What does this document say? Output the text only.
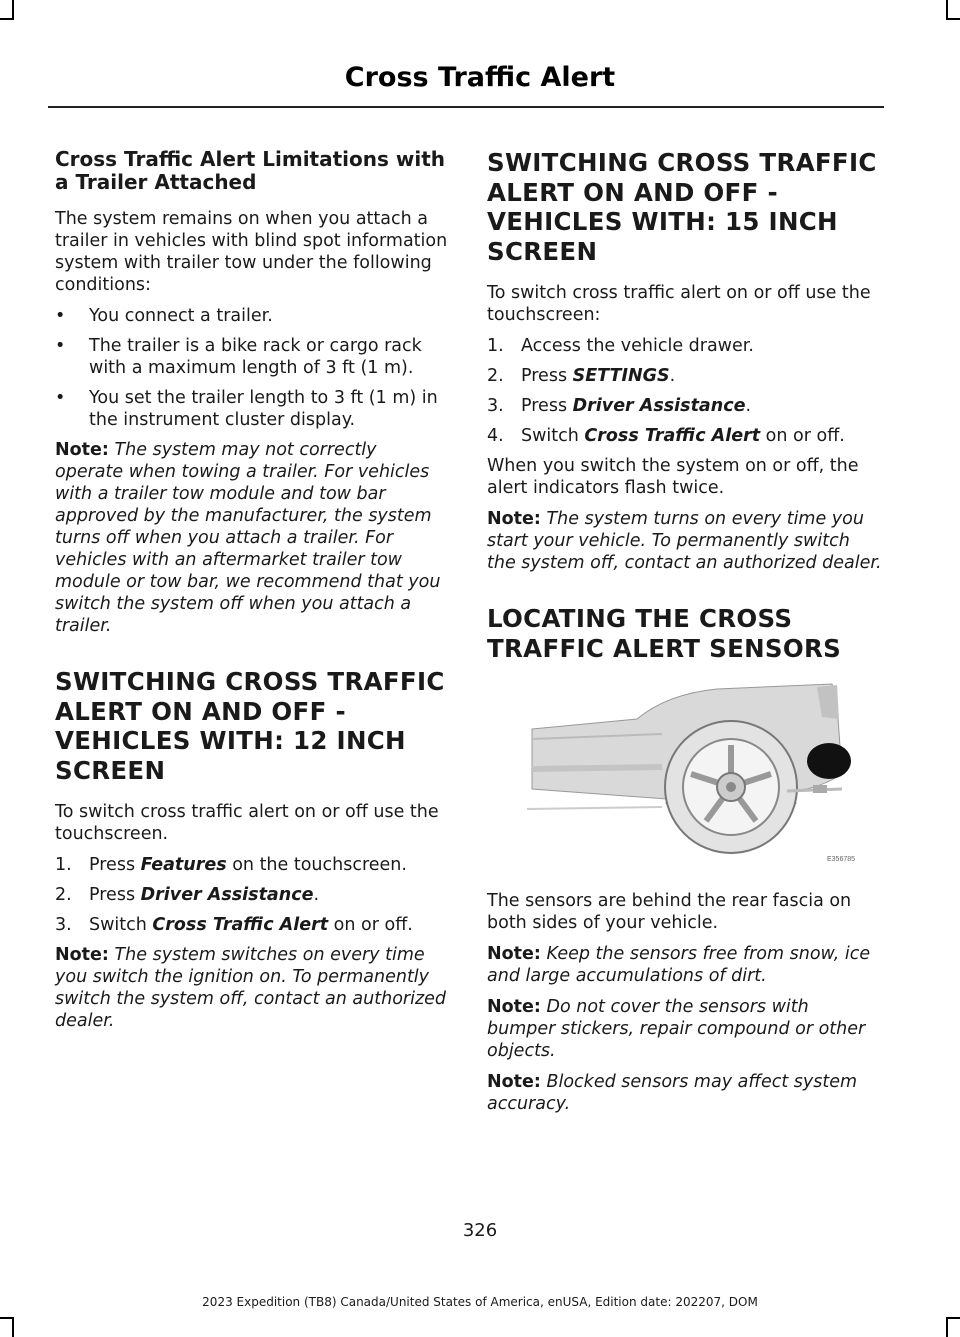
Cross Traffic Alert
Cross Traffic Alert Limitations with a Trailer Attached

The system remains on when you attach a trailer in vehicles with blind spot information system with trailer tow under the following conditions:

• You connect a trailer.
• The trailer is a bike rack or cargo rack with a maximum length of 3 ft (1 m).
• You set the trailer length to 3 ft (1 m) in the instrument cluster display.

Note: The system may not correctly operate when towing a trailer. For vehicles with a trailer tow module and tow bar approved by the manufacturer, the system turns off when you attach a trailer. For vehicles with an aftermarket trailer tow module or tow bar, we recommend that you switch the system off when you attach a trailer.

SWITCHING CROSS TRAFFIC
ALERT ON AND OFF -
VEHICLES WITH: 12 INCH
SCREEN

To switch cross traffic alert on or off use the touchscreen.

1. Press Features on the touchscreen.
2. Press Driver Assistance.
3. Switch Cross Traffic Alert on or off.

Note: The system switches on every time you switch the ignition on. To permanently switch the system off, contact an authorized dealer.

SWITCHING CROSS TRAFFIC
ALERT ON AND OFF -
VEHICLES WITH: 15 INCH
SCREEN

To switch cross traffic alert on or off use the touchscreen:

1. Access the vehicle drawer.
2. Press SETTINGS.
3. Press Driver Assistance.
4. Switch Cross Traffic Alert on or off.

When you switch the system on or off, the alert indicators flash twice.

Note: The system turns on every time you start your vehicle. To permanently switch the system off, contact an authorized dealer.

LOCATING THE CROSS
TRAFFIC ALERT SENSORS
E356785

The sensors are behind the rear fascia on both sides of your vehicle.

Note: Keep the sensors free from snow, ice and large accumulations of dirt.

Note: Do not cover the sensors with bumper stickers, repair compound or other objects.

Note: Blocked sensors may affect system accuracy.

326
2023 Expedition (TB8) Canada/United States of America, enUSA, Edition date: 202207, DOM
